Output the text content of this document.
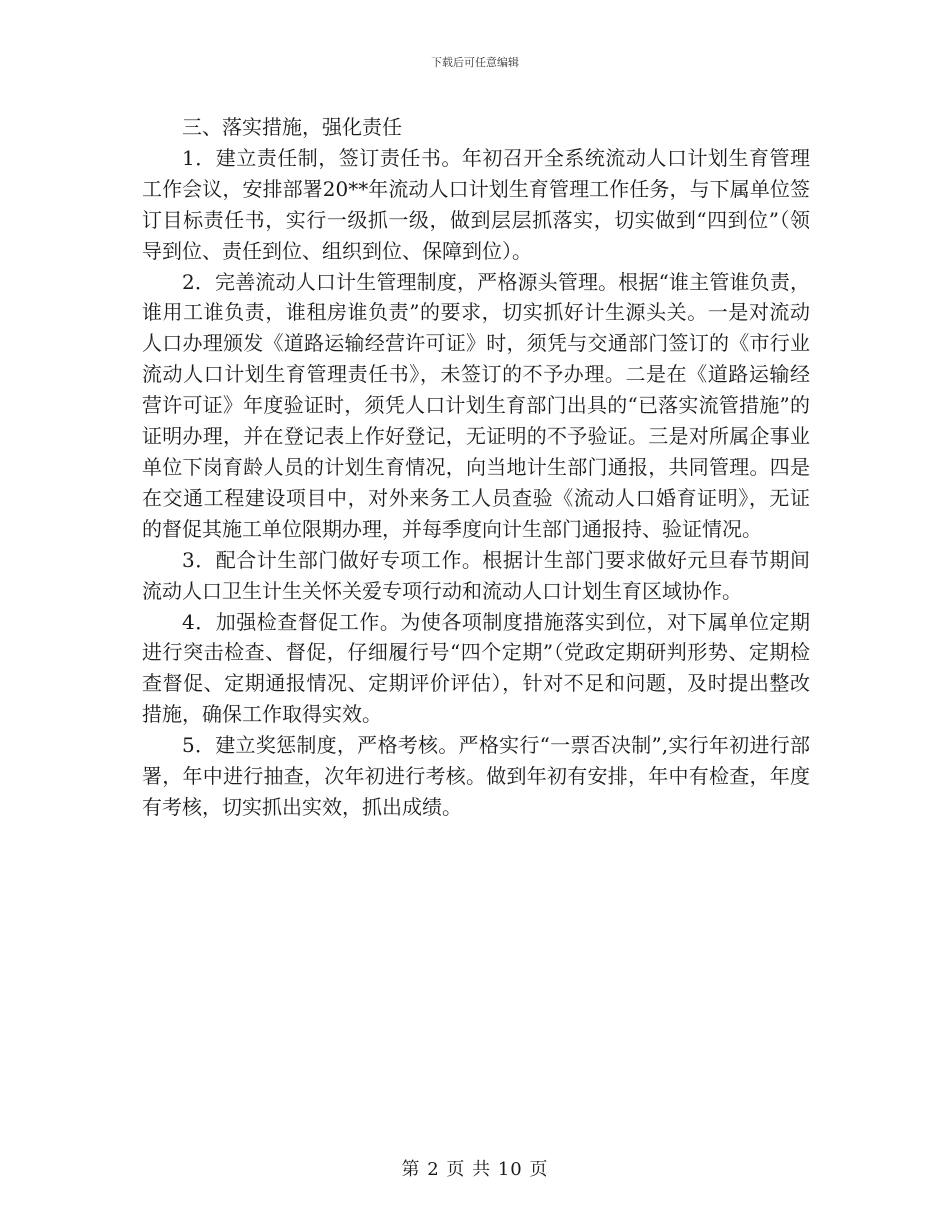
下载后可任意编辑

三、落实措施，强化责任

1．建立责任制，签订责任书。年初召开全系统流动人口计划生育管理工作会议，安排部署20**年流动人口计划生育管理工作任务，与下属单位签订目标责任书，实行一级抓一级，做到层层抓落实，切实做到“四到位”（领导到位、责任到位、组织到位、保障到位）。

2．完善流动人口计生管理制度，严格源头管理。根据“谁主管谁负责，谁用工谁负责，谁租房谁负责”的要求，切实抓好计生源头关。一是对流动人口办理颁发《道路运输经营许可证》时，须凭与交通部门签订的《市行业流动人口计划生育管理责任书》，未签订的不予办理。二是在《道路运输经营许可证》年度验证时，须凭人口计划生育部门出具的“已落实流管措施”的证明办理，并在登记表上作好登记，无证明的不予验证。三是对所属企事业单位下岗育龄人员的计划生育情况，向当地计生部门通报，共同管理。四是在交通工程建设项目中，对外来务工人员查验《流动人口婚育证明》，无证的督促其施工单位限期办理，并每季度向计生部门通报持、验证情况。

3．配合计生部门做好专项工作。根据计生部门要求做好元旦春节期间流动人口卫生计生关怀关爱专项行动和流动人口计划生育区域协作。

4．加强检查督促工作。为使各项制度措施落实到位，对下属单位定期进行突击检查、督促，仔细履行号“四个定期”（党政定期研判形势、定期检查督促、定期通报情况、定期评价评估），针对不足和问题，及时提出整改措施，确保工作取得实效。

5．建立奖惩制度，严格考核。严格实行“一票否决制”,实行年初进行部署，年中进行抽查，次年初进行考核。做到年初有安排，年中有检查，年度有考核，切实抓出实效，抓出成绩。

第 2 页 共 10 页
